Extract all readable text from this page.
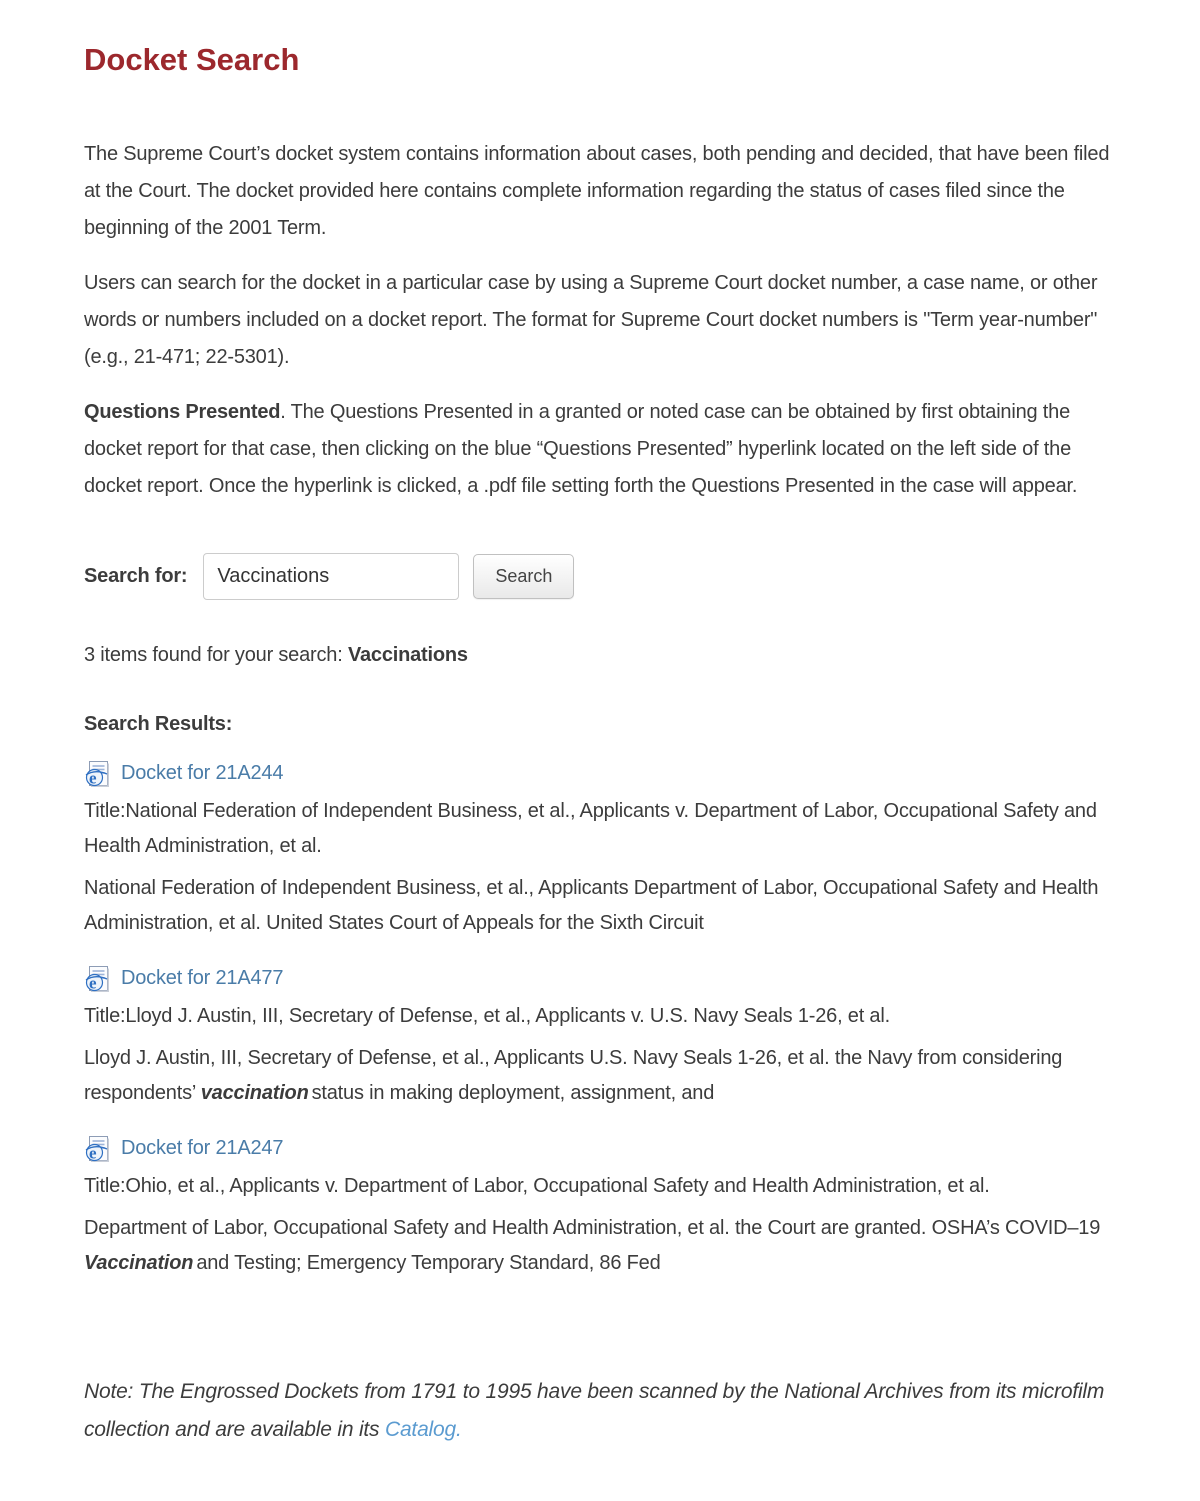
Docket Search

The Supreme Court’s docket system contains information about cases, both pending and decided, that have been filed at the Court. The docket provided here contains complete information regarding the status of cases filed since the beginning of the 2001 Term.

Users can search for the docket in a particular case by using a Supreme Court docket number, a case name, or other words or numbers included on a docket report. The format for Supreme Court docket numbers is "Term year-number" (e.g., 21-471; 22-5301).

Questions Presented. The Questions Presented in a granted or noted case can be obtained by first obtaining the docket report for that case, then clicking on the blue “Questions Presented” hyperlink located on the left side of the docket report. Once the hyperlink is clicked, a .pdf file setting forth the Questions Presented in the case will appear.

Search for:
Vaccinations	Search

3 items found for your search: Vaccinations

Search Results:

Docket for 21A244
Title:National Federation of Independent Business, et al., Applicants v. Department of Labor, Occupational Safety and Health Administration, et al.
National Federation of Independent Business, et al., Applicants Department of Labor, Occupational Safety and Health Administration, et al. United States Court of Appeals for the Sixth Circuit
Docket for 21A477
Title:Lloyd J. Austin, III, Secretary of Defense, et al., Applicants v. U.S. Navy Seals 1-26, et al.
Lloyd J. Austin, III, Secretary of Defense, et al., Applicants U.S. Navy Seals 1-26, et al. the Navy from considering respondents’ vaccination status in making deployment, assignment, and
Docket for 21A247
Title:Ohio, et al., Applicants v. Department of Labor, Occupational Safety and Health Administration, et al.
Department of Labor, Occupational Safety and Health Administration, et al. the Court are granted. OSHA’s COVID–19 Vaccination and Testing; Emergency Temporary Standard, 86 Fed

Note: The Engrossed Dockets from 1791 to 1995 have been scanned by the National Archives from its microfilm collection and are available in its Catalog.
